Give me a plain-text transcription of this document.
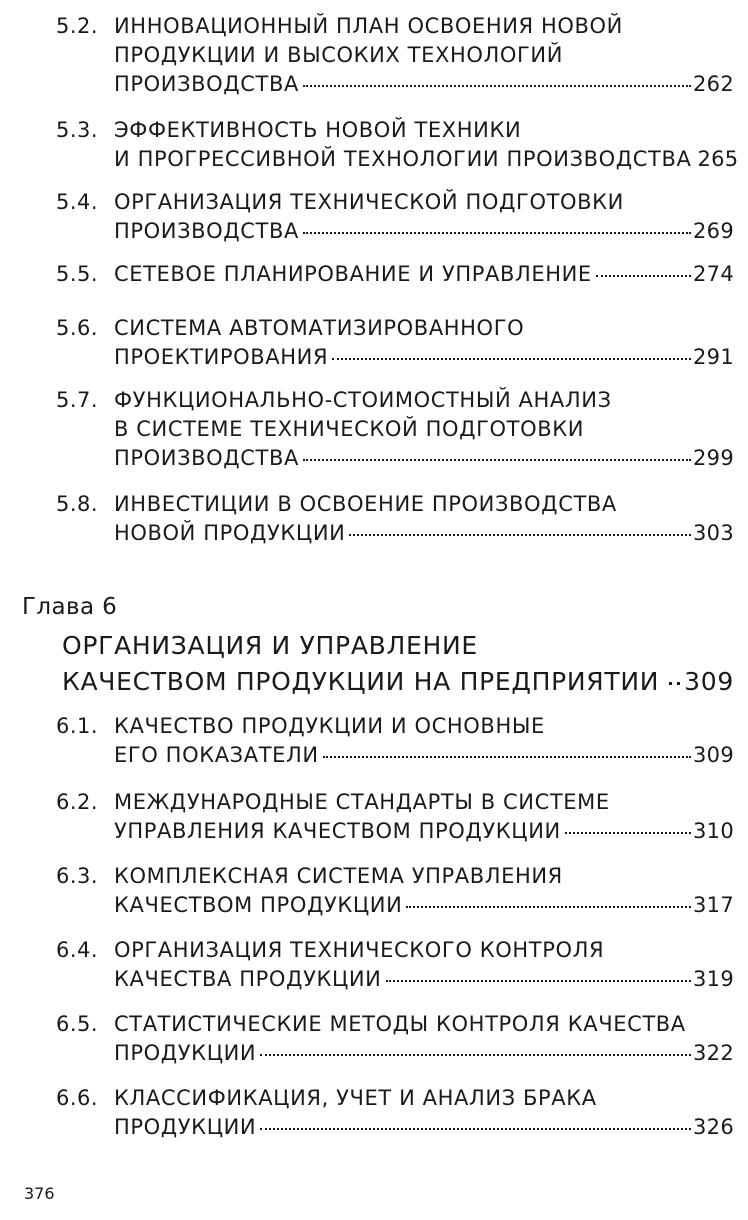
5.2. ИННОВАЦИОННЫЙ ПЛАН ОСВОЕНИЯ НОВОЙ
ПРОДУКЦИИ И ВЫСОКИХ ТЕХНОЛОГИЙ
ПРОИЗВОДСТВА	262
5.3. ЭФФЕКТИВНОСТЬ НОВОЙ ТЕХНИКИ
И ПРОГРЕССИВНОЙ ТЕХНОЛОГИИ ПРОИЗВОДСТВА 265
5.4. ОРГАНИЗАЦИЯ ТЕХНИЧЕСКОЙ ПОДГОТОВКИ
ПРОИЗВОДСТВА	269
5.5. СЕТЕВОЕ ПЛАНИРОВАНИЕ И УПРАВЛЕНИЕ	274
5.6. СИСТЕМА АВТОМАТИЗИРОВАННОГО
ПРОЕКТИРОВАНИЯ	291
5.7. ФУНКЦИОНАЛЬНО-СТОИМОСТНЫЙ АНАЛИЗ
В СИСТЕМЕ ТЕХНИЧЕСКОЙ ПОДГОТОВКИ
ПРОИЗВОДСТВА	299
5.8. ИНВЕСТИЦИИ В ОСВОЕНИЕ ПРОИЗВОДСТВА
НОВОЙ ПРОДУКЦИИ	303
Глава 6
ОРГАНИЗАЦИЯ И УПРАВЛЕНИЕ
КАЧЕСТВОМ ПРОДУКЦИИ НА ПРЕДПРИЯТИИ 309
6.1. КАЧЕСТВО ПРОДУКЦИИ И ОСНОВНЫЕ
ЕГО ПОКАЗАТЕЛИ	309
6.2. МЕЖДУНАРОДНЫЕ СТАНДАРТЫ В СИСТЕМЕ
УПРАВЛЕНИЯ КАЧЕСТВОМ ПРОДУКЦИИ	310
6.3. КОМПЛЕКСНАЯ СИСТЕМА УПРАВЛЕНИЯ
КАЧЕСТВОМ ПРОДУКЦИИ	317
6.4. ОРГАНИЗАЦИЯ ТЕХНИЧЕСКОГО КОНТРОЛЯ
КАЧЕСТВА ПРОДУКЦИИ	319
6.5. СТАТИСТИЧЕСКИЕ МЕТОДЫ КОНТРОЛЯ КАЧЕСТВА
ПРОДУКЦИИ	322
6.6. КЛАССИФИКАЦИЯ, УЧЕТ И АНАЛИЗ БРАКА
ПРОДУКЦИИ	326
376
